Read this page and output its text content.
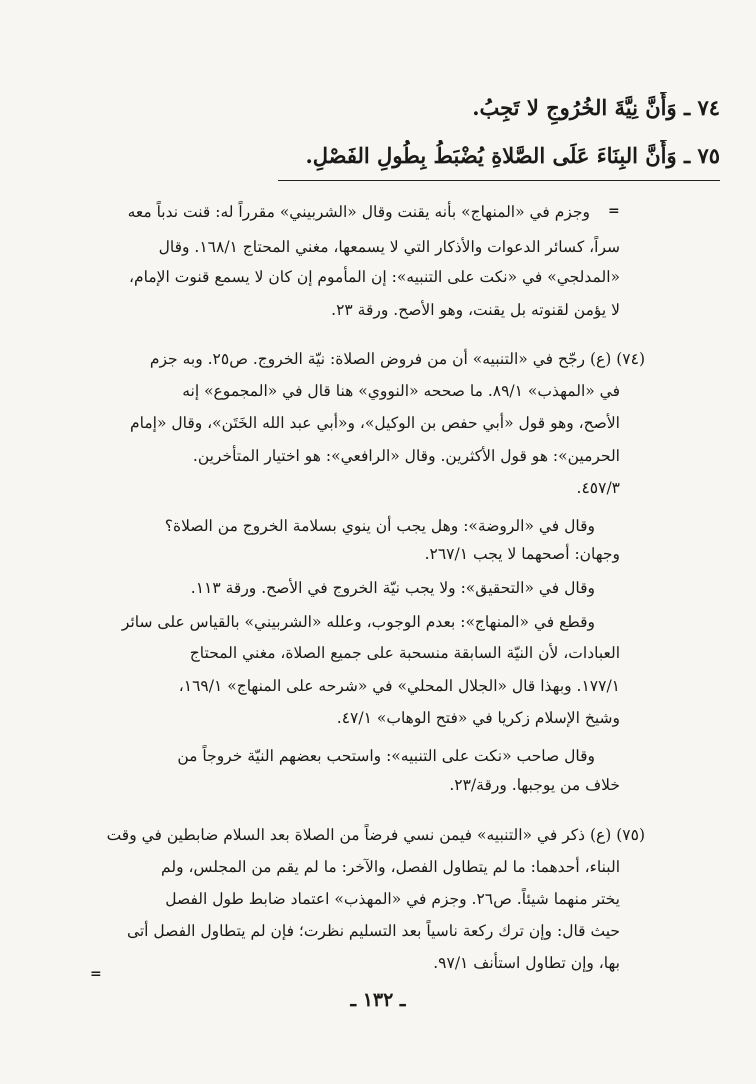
٧٤ ـ وَأَنَّ نِيَّةَ الخُرُوجِ لا تَجِبُ.
٧٥ ـ وَأَنَّ البِنَاءَ عَلَى الصَّلاةِ يُضْبَطُ بِطُولِ الفَصْلِ.
=
وجزم في «المنهاج» بأنه يقنت وقال «الشربيني» مقرراً له: قنت ندباً معه
سراً، كسائر الدعوات والأذكار التي لا يسمعها، مغني المحتاج ١٦٨/١. وقال
«المدلجي» في «نكت على التنبيه»: إن المأموم إن كان لا يسمع قنوت الإمام،
لا يؤمن لقنوته بل يقنت، وهو الأصح. ورقة ٢٣.
(٧٤) (ع) رجّح في «التنبيه» أن من فروض الصلاة: نيّة الخروج. ص٢٥. وبه جزم
في «المهذب» ٨٩/١. ما صححه «النووي» هنا قال في «المجموع» إنه
الأصح، وهو قول «أبي حفص بن الوكيل»، و«أبي عبد الله الخَتَن»، وقال «إمام
الحرمين»: هو قول الأكثرين. وقال «الرافعي»: هو اختيار المتأخرين.
٤٥٧/٣.
وقال في «الروضة»: وهل يجب أن ينوي بسلامة الخروج من الصلاة؟
وجهان: أصحهما لا يجب ٢٦٧/١.
وقال في «التحقيق»: ولا يجب نيّة الخروج في الأصح. ورقة ١١٣.
وقطع في «المنهاج»: بعدم الوجوب، وعلله «الشربيني» بالقياس على سائر
العبادات، لأن النيّة السابقة منسحبة على جميع الصلاة، مغني المحتاج
١٧٧/١. وبهذا قال «الجلال المحلي» في «شرحه على المنهاج» ١٦٩/١،
وشيخ الإسلام زكريا في «فتح الوهاب» ٤٧/١.
وقال صاحب «نكت على التنبيه»: واستحب بعضهم النيّة خروجاً من
خلاف من يوجبها. ورقة/٢٣.
(٧٥) (ع) ذكر في «التنبيه» فيمن نسي فرضاً من الصلاة بعد السلام ضابطين في وقت
البناء، أحدهما: ما لم يتطاول الفصل، والآخر: ما لم يقم من المجلس، ولم
يختر منهما شيئاً. ص٢٦. وجزم في «المهذب» اعتماد ضابط طول الفصل
حيث قال: وإن ترك ركعة ناسياً بعد التسليم نظرت؛ فإن لم يتطاول الفصل أتى
بها، وإن تطاول استأنف ٩٧/١.
=
ـ ١٣٢ ـ
